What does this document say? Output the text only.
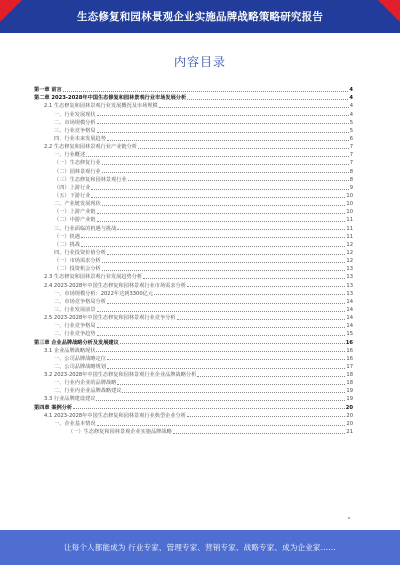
生态修复和园林景观企业实施品牌战略策略研究报告
内容目录
第一章 前言	4
第二章 2023-2028年中国生态修复和园林景观行业市场发展分析	4
2.1 生态修复和园林景观行业发展概况及市场规模	4
一、行业发展现状	4
二、市场规模分析	5
三、行业竞争格局	5
四、行业未来发展趋势	6
2.2 生态修复和园林景观行业产业链分析	7
一、行业概述	7
（一）生态修复行业	7
（二）园林景观行业	8
（三）生态修复和园林景观行业	8
（四）上游行业	9
（五）下游行业	10
二、产业链发展现状	10
（一）上游产业链	10
（二）中游产业链	11
三、行业面临的机遇与挑战	11
（一）机遇	11
（二）挑战	12
四、行业投资价值分析	12
（一）市场需求分析	12
（二）投资机会分析	13
2.3 生态修复和园林景观行业发展趋势分析	13
2.4 2023-2028年中国生态修复和园林景观行业市场需求分析	13
一、市场规模分析：2022年达到3300亿元	13
二、市场竞争格局分析	14
三、行业发展前景	14
2.5 2023-2028年中国生态修复和园林景观行业竞争分析	14
一、行业竞争格局	14
二、行业竞争趋势	15
第三章 企业品牌战略分析及发展建议	16
3.1 企业品牌战略现状	16
一、公司品牌战略定位	16
二、公司品牌战略规划	17
3.2 2023-2028年中国生态修复和园林景观行业企业品牌战略分析	18
一、行业内企业的品牌战略	18
二、行业内企业品牌战略建议	19
3.3 行业品牌建设建议	19
第四章 案例分析	20
4.1 2023-2028年中国生态修复和园林景观行业典型企业分析	20
一、企业基本情况	20
（一）生态修复和园林景观企业实施品牌战略	21
让每个人都能成为 行业专家、管理专家、营销专家、战略专家、成为企业家……
